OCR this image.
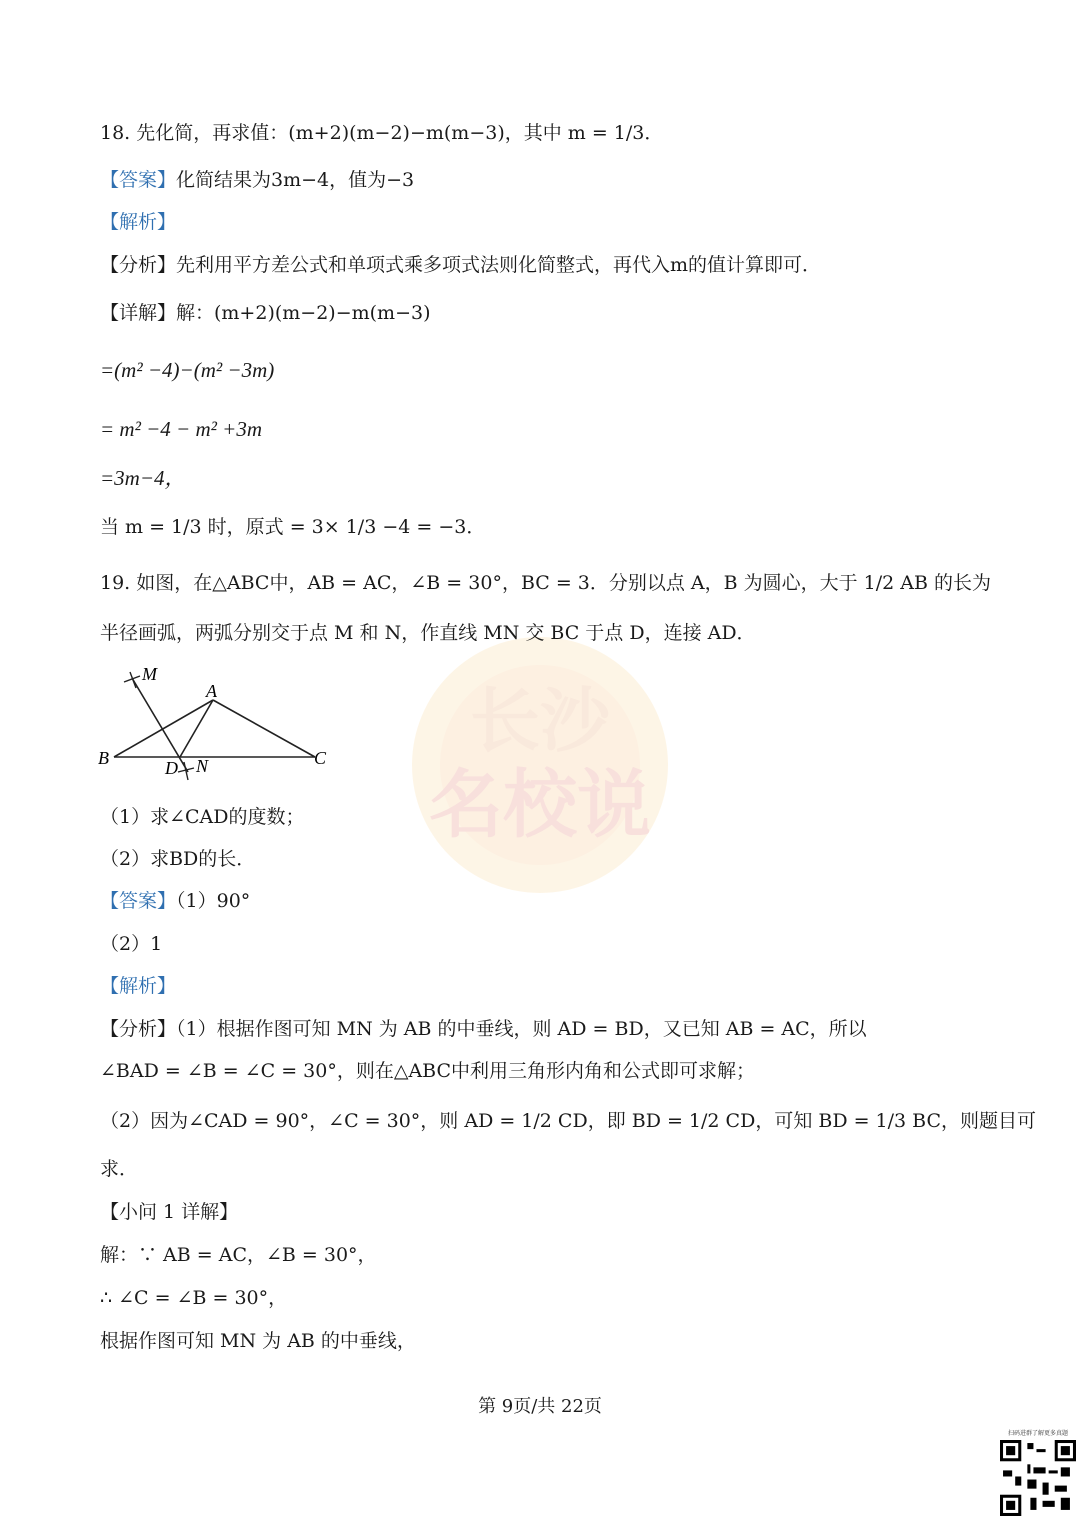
长沙
名校说
18. 先化简，再求值：(m+2)(m−2)−m(m−3)，其中 m = 1/3．
【答案】化简结果为3m−4，值为−3
【解析】
【分析】先利用平方差公式和单项式乘多项式法则化简整式，再代入m的值计算即可．
【详解】解：(m+2)(m−2)−m(m−3)
=(m² −4)−(m² −3m)
= m² −4 − m² +3m
=3m−4，
当 m = 1/3 时，原式 = 3× 1/3 −4 = −3．
19. 如图，在△ABC中，AB = AC，∠B = 30°，BC = 3．分别以点 A，B 为圆心，大于 1/2 AB 的长为
半径画弧，两弧分别交于点 M 和 N，作直线 MN 交 BC 于点 D，连接 AD．
M
A
B	C
D N
（1）求∠CAD的度数；
（2）求BD的长．
【答案】（1）90°
（2）1
【解析】
【分析】（1）根据作图可知 MN 为 AB 的中垂线，则 AD = BD，又已知 AB = AC，所以
∠BAD = ∠B = ∠C = 30°，则在△ABC中利用三角形内角和公式即可求解；
（2）因为∠CAD = 90°，∠C = 30°，则 AD = 1/2 CD，即 BD = 1/2 CD，可知 BD = 1/3 BC，则题目可
求．
【小问 1 详解】
解：∵ AB = AC，∠B = 30°，
∴ ∠C = ∠B = 30°，
根据作图可知 MN 为 AB 的中垂线，
第 9页/共 22页
扫码进群了解更多真题
